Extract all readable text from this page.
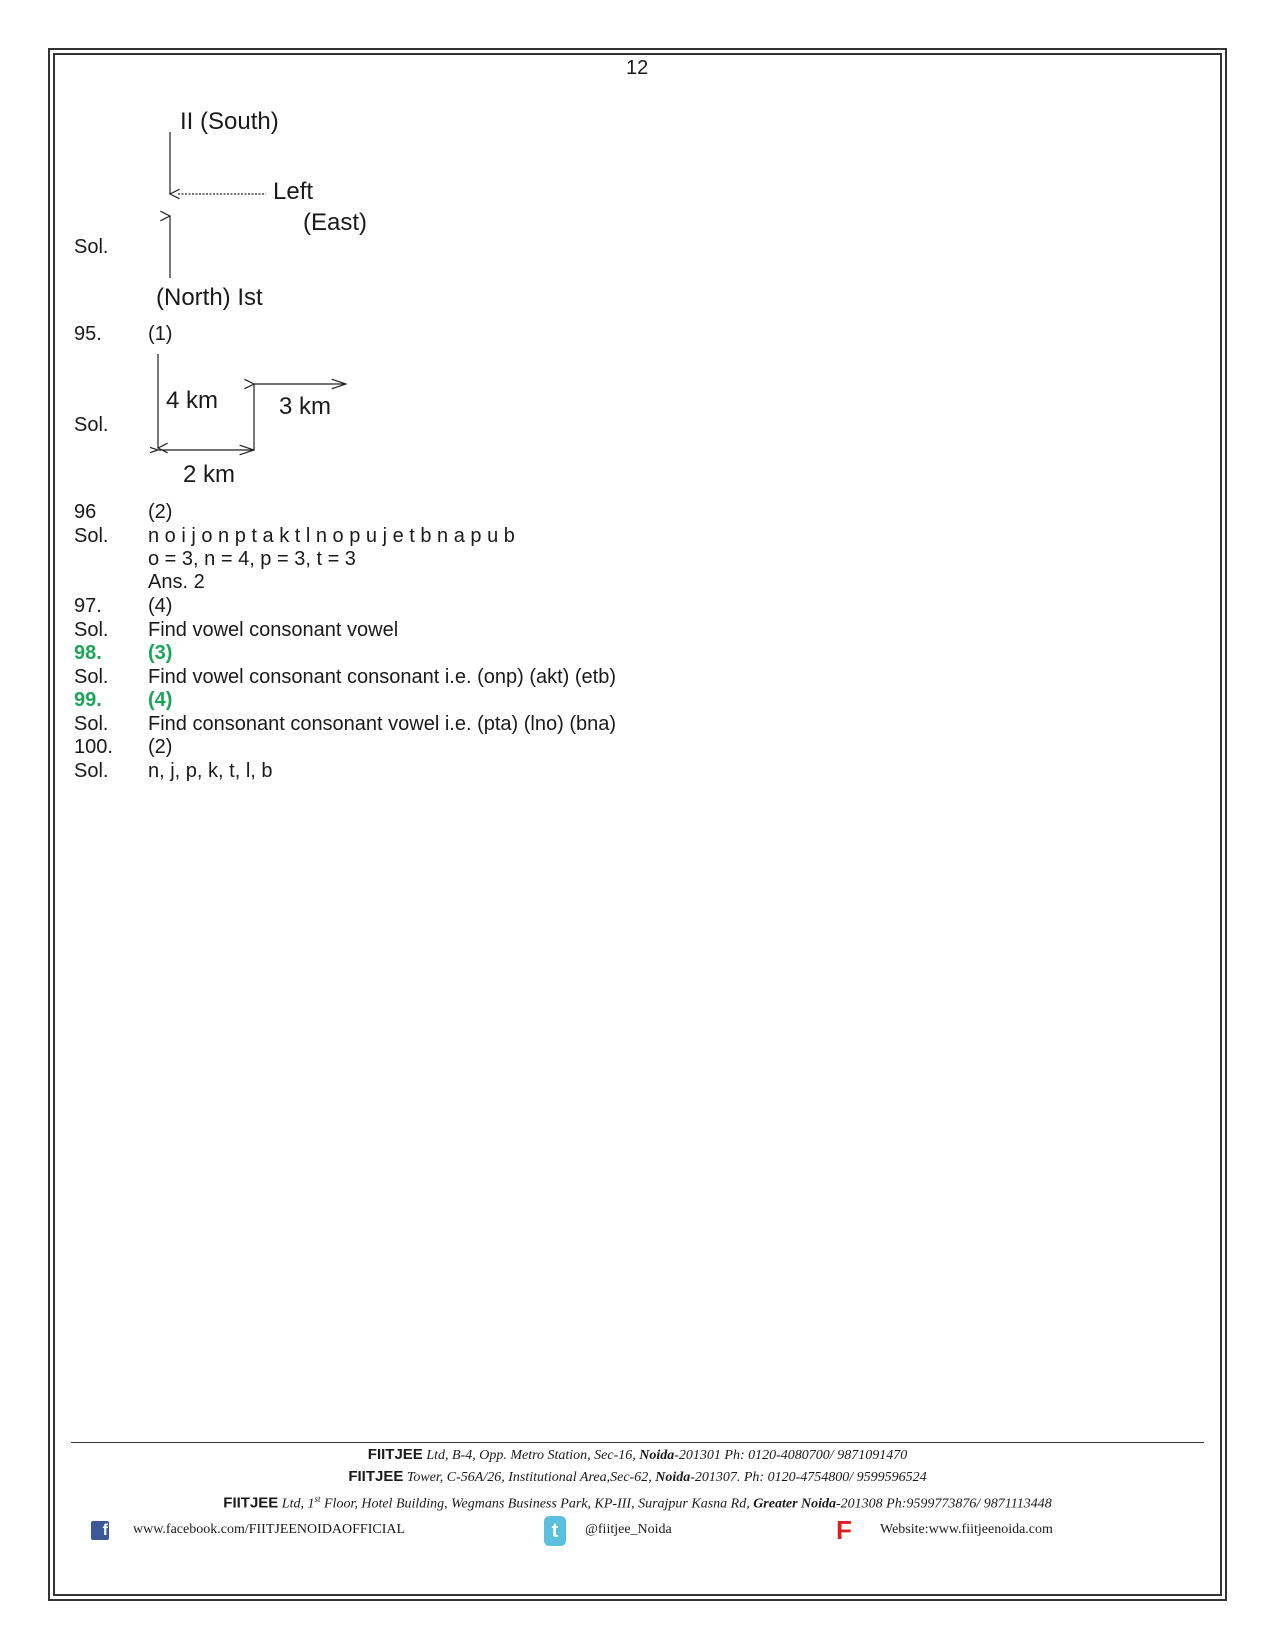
12
II (South)
Left
(East)
Sol.
(North) Ist
95. (1)
4 km	3 km
Sol.
2 km
96	(2)
Sol. n o i j o n p t a k t l n o p u j e t b n a p u b
o = 3, n = 4, p = 3, t = 3
Ans. 2
97. (4)
Sol. Find vowel consonant vowel
98. (3)
Sol. Find vowel consonant consonant i.e. (onp) (akt) (etb)
99. (4)
Sol. Find consonant consonant vowel i.e. (pta) (lno) (bna)
100. (2)
Sol. n, j, p, k, t, l, b
FIITJEE Ltd, B-4, Opp. Metro Station, Sec-16, Noida-201301 Ph: 0120-4080700/ 9871091470
FIITJEE Tower, C-56A/26, Institutional Area,Sec-62, Noida-201307. Ph: 0120-4754800/ 9599596524
FIITJEE Ltd, 1st Floor, Hotel Building, Wegmans Business Park, KP-III, Surajpur Kasna Rd, Greater Noida-201308 Ph:9599773876/ 9871113448
f www.facebook.com/FIITJEENOIDAOFFICIAL	t	@fiitjee_Noida	F Website:www.fiitjeenoida.com
